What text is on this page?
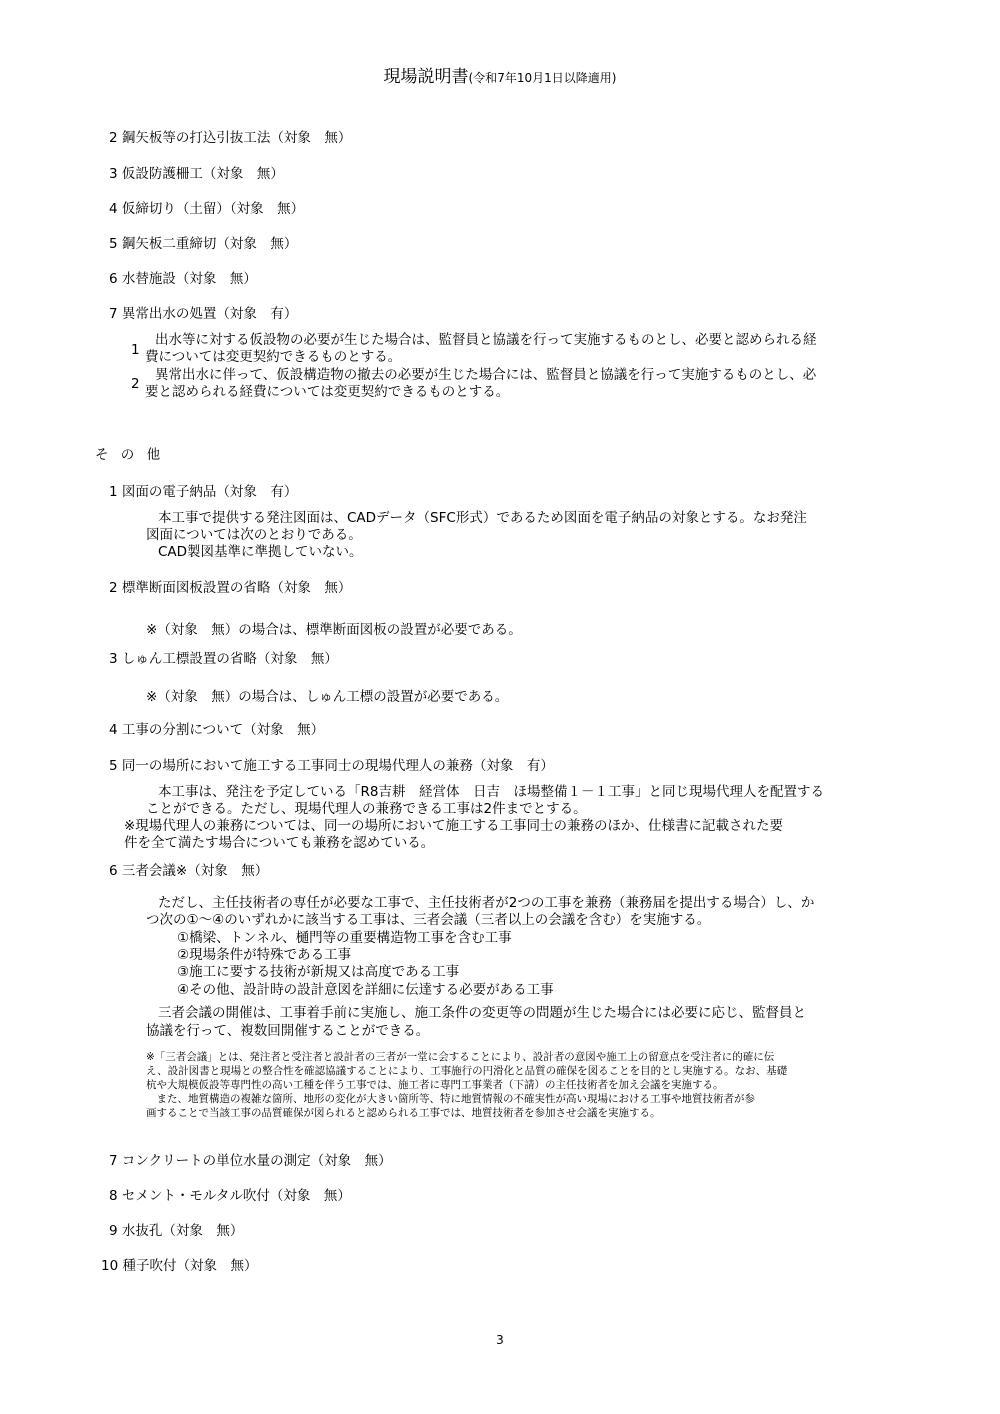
現場説明書(令和7年10月1日以降適用)
2 鋼矢板等の打込引抜工法（対象　無）
3 仮設防護柵工（対象　無）
4 仮締切り（土留）（対象　無）
5 鋼矢板二重締切（対象　無）
6 水替施設（対象　無）
7 異常出水の処置（対象　有）
1
出水等に対する仮設物の必要が生じた場合は、監督員と協議を行って実施するものとし、必要と認められる経
費については変更契約できるものとする。
2
異常出水に伴って、仮設構造物の撤去の必要が生じた場合には、監督員と協議を行って実施するものとし、必
要と認められる経費については変更契約できるものとする。
そ の 他
1 図面の電子納品（対象　有）
本工事で提供する発注図面は、CADデータ（SFC形式）であるため図面を電子納品の対象とする。なお発注
図面については次のとおりである。
CAD製図基準に準拠していない。
2 標準断面図板設置の省略（対象　無）
※（対象　無）の場合は、標準断面図板の設置が必要である。
3 しゅん工標設置の省略（対象　無）
※（対象　無）の場合は、しゅん工標の設置が必要である。
4 工事の分割について（対象　無）
5 同一の場所において施工する工事同士の現場代理人の兼務（対象　有）
本工事は、発注を予定している「R8吉耕　経営体　日吉　ほ場整備１－１工事」と同じ現場代理人を配置する
ことができる。ただし、現場代理人の兼務できる工事は2件までとする。
※現場代理人の兼務については、同一の場所において施工する工事同士の兼務のほか、仕様書に記載された要
件を全て満たす場合についても兼務を認めている。
6 三者会議※（対象　無）
ただし、主任技術者の専任が必要な工事で、主任技術者が2つの工事を兼務（兼務届を提出する場合）し、か
つ次の①～④のいずれかに該当する工事は、三者会議（三者以上の会議を含む）を実施する。
①橋梁、トンネル、樋門等の重要構造物工事を含む工事
②現場条件が特殊である工事
③施工に要する技術が新規又は高度である工事
④その他、設計時の設計意図を詳細に伝達する必要がある工事
三者会議の開催は、工事着手前に実施し、施工条件の変更等の問題が生じた場合には必要に応じ、監督員と
協議を行って、複数回開催することができる。
※「三者会議」とは、発注者と受注者と設計者の三者が一堂に会することにより、設計者の意図や施工上の留意点を受注者に的確に伝
え、設計図書と現場との整合性を確認協議することにより、工事施行の円滑化と品質の確保を図ることを目的とし実施する。なお、基礎
杭や大規模仮設等専門性の高い工種を伴う工事では、施工者に専門工事業者（下請）の主任技術者を加え会議を実施する。
　また、地質構造の複雑な箇所、地形の変化が大きい箇所等、特に地質情報の不確実性が高い現場における工事や地質技術者が参
画することで当該工事の品質確保が図られると認められる工事では、地質技術者を参加させ会議を実施する。
7 コンクリートの単位水量の測定（対象　無）
8 セメント・モルタル吹付（対象　無）
9 水抜孔（対象　無）
10 種子吹付（対象　無）
3
